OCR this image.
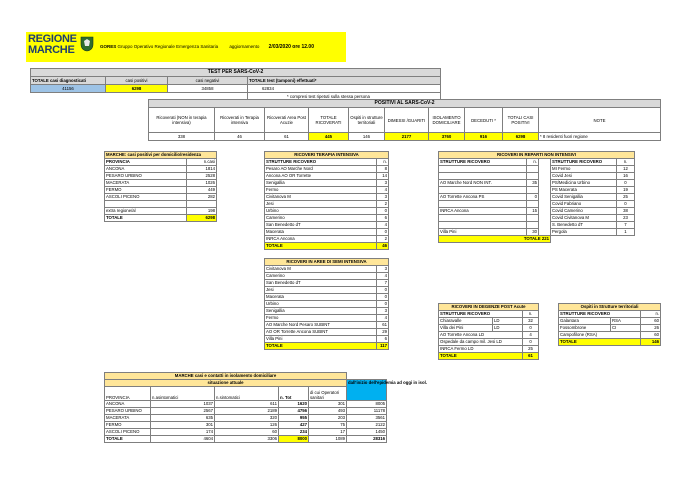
REGIONE
MARCHE	GORES Gruppo Operativo Regionale Emergenza Sanitaria	aggiornamento 2/03/2020 ore 12.00
TEST PER SARS-CoV-2			
TOTALE casi diagnosticati	casi positivi	casi negativi	TOTALE test (tamponi) effettuati*
41156	6298	34858	62834
			* compresi test ripetuti sulla stessa persona
POSITIVI AL SARS-CoV-2									
Ricoverati (NON in terapia intensiva)	Ricoverati in Terapia intensiva	Ricoverati Area Post Acuzie	TOTALE RICOVERATI	Ospiti in strutture territoriali	DIMESSI /GUARITI	ISOLAMENTO DOMICILIARE	DECEDUTI *	TOTALI CASI POSITIVI	NOTE
338	46	61	445	146	2177	3760	916	6298	* 8 residenti fuori regione
MARCHE: casi positivi per domicilio/residenza	
PROVINCIA	n.casi
ANCONA	1814
PESARO URBINO	2528
MACERATA	1026
FERMO	449
ASCOLI PICENO	282

extra regione/al	198
TOTALE	6298
RICOVERI TERAPIA INTENSIVA	
STRUTTURE RICOVERO	n.
Pesaro AO Marche Nord	8
Ancona AO OR Torrette	14
Senigallia	3
Fermo	4
Civitanova M	3
Jesi	2
Urbino	0
Camerino	6
San Benedetto dT	4
Macerata	0
INRCA Ancona	2
TOTALE	46
RICOVERI IN AREE DI SEMI INTENSIVA	
Civitanova M	3
Camerino	4
San Benedetto dT	7
Jesi	0
Macerata	0
Urbino	0
Senigallia	3
Fermo	4
AO Marche Nord Pesaro SUBINT	61
AO OR Torrette Ancona SUBINT	29
Villa Pini	6
TOTALE	117
RICOVERI IN REPARTI NON INTENSIVI				
STRUTTURE RICOVERO	n.		STRUTTURE RICOVERO	n.
			MI Fermo	12
			Covid Jesi	16
AO Marche Nord NON INT.	35		PS/Medicina Urbino	0
			PS Macerata	19
AO Torrette Ancona PS	0		Covid Senigallia	25
			Covid Fabriano	0
INRCA Ancona	15		Covid Camerino	38
			Covid Civitanova M	23
			S. Benedetto dT	7
Villa Pini	30		Pergola	1
TOTALE 221				
RICOVERI IN DEGENZE POST Acute		
STRUTTURE RICOVERO		n.
Chiaravalle	LD	32
Villa dei Pini	LD	0
AO Torrette Ancona LD		4
Ospedale da campo mil. Jesi LD		0
INRCA Fermo LD		25
TOTALE		61
Ospiti in Strutture territoriali		
STRUTTURE RICOVERO		n.
Galantara	RSA	60
Fossombrone	CI	26
Campofilone (RSA)		60
TOTALE		146
MARCHE casi e contatti in isolamento domiciliare					
situazione attuale					dall'inizio dell'epidemia ad oggi in isol.
PROVINCIA	n.asintomatici	n.sintomatici	n. Tot	di cui Operatori sanitari	
ANCONA	1037	611	1620	301	8005
PESARO URBINO	2567	2189	4756	493	11178
MACERATA	635	320	955	203	3561
FERMO	301	126	427	75	2122
ASCOLI PICENO	174	60	234	17	1450
TOTALE	4604	3306	8000	1089	28316
